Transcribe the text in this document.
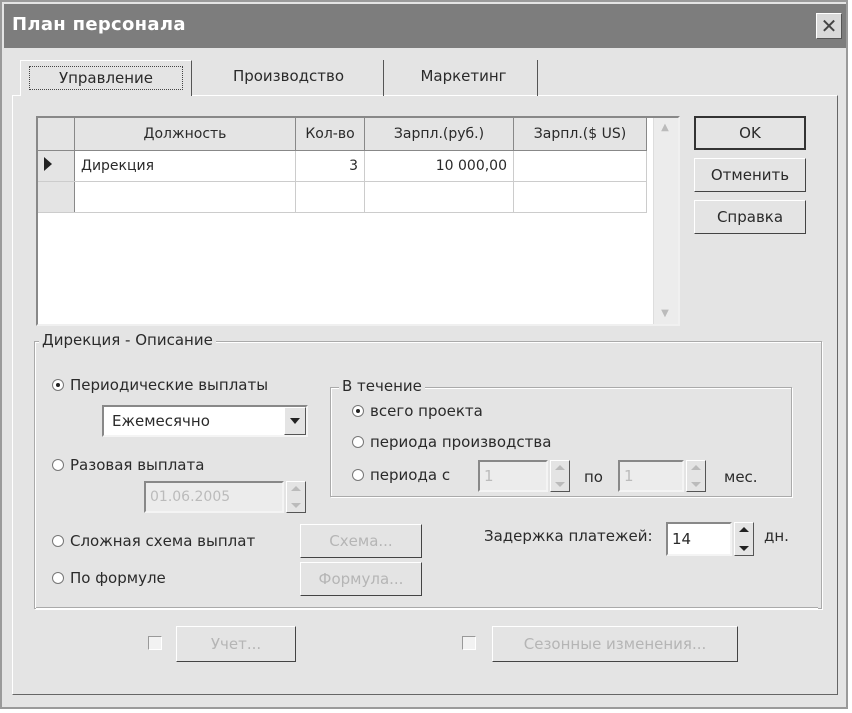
План персонала	✕
Управление	Производство	Маркетинг
	Должность	Кол-во	Зарпл.(руб.)	Зарпл.($ US)
	Дирекция	3	10 000,00	

▲
▼
OK
Отменить
Справка
Дирекция - Описание
Периодические выплаты
Ежемесячно
Разовая выплата
01.06.2005
Сложная схема выплат	Схема...
По формуле	Формула...
В течение
всего проекта
периода производства
периода с	1	по	1	мес.
Задержка платежей:	14	дн.
Учет...	Сезонные изменения...
